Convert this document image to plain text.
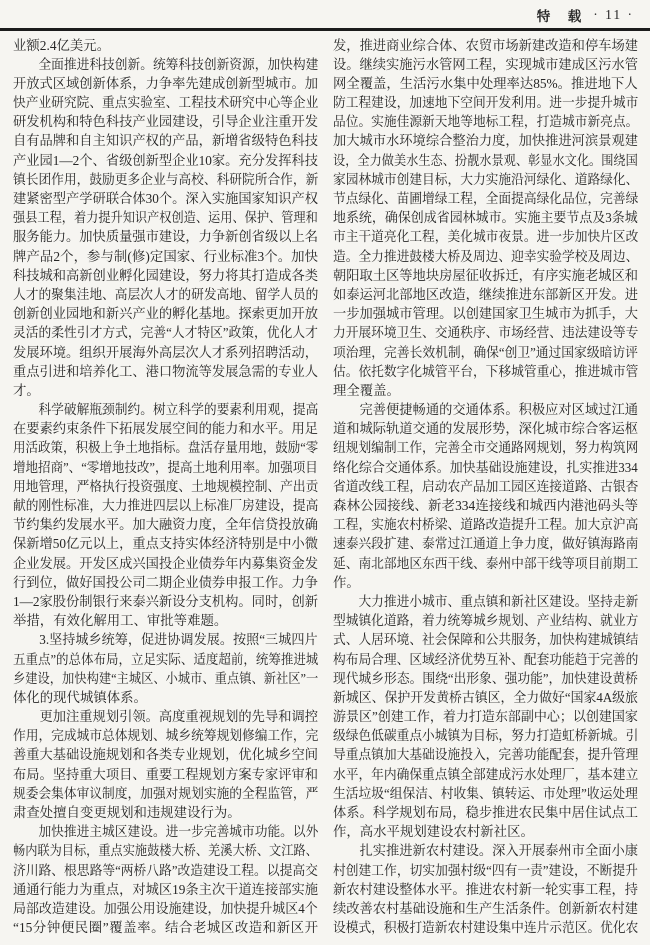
特　载 · 11 ·
业额2.4亿美元。
　　全面推进科技创新。统筹科技创新资源，加快构建
开放式区域创新体系，力争率先建成创新型城市。加
快产业研究院、重点实验室、工程技术研究中心等企业
研发机构和特色科技产业园建设，引导企业注重开发
自有品牌和自主知识产权的产品，新增省级特色科技
产业园1—2个、省级创新型企业10家。充分发挥科技
镇长团作用，鼓励更多企业与高校、科研院所合作，新
建紧密型产学研联合体30个。深入实施国家知识产权
强县工程，着力提升知识产权创造、运用、保护、管理和
服务能力。加快质量强市建设，力争新创省级以上名
牌产品2个，参与制(修)定国家、行业标准3个。加快
科技城和高新创业孵化园建设，努力将其打造成各类
人才的聚集洼地、高层次人才的研发高地、留学人员的
创新创业园地和新兴产业的孵化基地。探索更加开放
灵活的柔性引才方式，完善“人才特区”政策，优化人才
发展环境。组织开展海外高层次人才系列招聘活动，
重点引进和培养化工、港口物流等发展急需的专业人
才。
　　科学破解瓶颈制约。树立科学的要素利用观，提高
在要素约束条件下拓展发展空间的能力和水平。用足
用活政策，积极上争土地指标。盘活存量用地，鼓励“零
增地招商”、“零增地技改”，提高土地利用率。加强项目
用地管理，严格执行投资强度、土地规模控制、产出贡
献的刚性标准，大力推进四层以上标准厂房建设，提高
节约集约发展水平。加大融资力度，全年信贷投放确
保新增50亿元以上，重点支持实体经济特别是中小微
企业发展。开发区成兴国投企业债券年内募集资金发
行到位，做好国投公司二期企业债券申报工作。力争
1—2家股份制银行来泰兴新设分支机构。同时，创新
举措，有效化解用工、审批等难题。
　　3.坚持城乡统筹，促进协调发展。按照“三城四片
五重点”的总体布局，立足实际、适度超前，统筹推进城
乡建设，加快构建“主城区、小城市、重点镇、新社区”一
体化的现代城镇体系。
　　更加注重规划引领。高度重视规划的先导和调控
作用，完成城市总体规划、城乡统筹规划修编工作，完
善重大基础设施规划和各类专业规划，优化城乡空间
布局。坚持重大项目、重要工程规划方案专家评审和
规委会集体审议制度，加强对规划实施的全程监管，严
肃查处擅自变更规划和违规建设行为。
　　加快推进主城区建设。进一步完善城市功能。以外
畅内联为目标，重点实施鼓楼大桥、羌溪大桥、文江路、
济川路、根思路等“两桥八路”改造建设工程。以提高交
通通行能力为重点，对城区19条主次干道连接部实施
局部改造建设。加强公用设施建设，加快提升城区4个
“15分钟便民圈”覆盖率。结合老城区改造和新区开
发，推进商业综合体、农贸市场新建改造和停车场建
设。继续实施污水管网工程，实现城市建成区污水管
网全覆盖，生活污水集中处理率达85%。推进地下人
防工程建设，加速地下空间开发利用。进一步提升城市
品位。实施佳源新天地等地标工程，打造城市新亮点。
加大城市水环境综合整治力度，加快推进河滨景观建
设，全力做美水生态、扮靓水景观、彰显水文化。围绕国
家园林城市创建目标，大力实施沿河绿化、道路绿化、
节点绿化、苗圃增绿工程，全面提高绿化品位，完善绿
地系统，确保创成省园林城市。实施主要节点及3条城
市主干道亮化工程，美化城市夜景。进一步加快片区改
造。全力推进鼓楼大桥及周边、迎幸实验学校及周边、
朝阳取土区等地块房屋征收拆迁，有序实施老城区和
如泰运河北部地区改造，继续推进东部新区开发。进
一步加强城市管理。以创建国家卫生城市为抓手，大
力开展环境卫生、交通秩序、市场经营、违法建设等专
项治理，完善长效机制，确保“创卫”通过国家级暗访评
估。依托数字化城管平台，下移城管重心，推进城市管
理全覆盖。
　　完善便捷畅通的交通体系。积极应对区域过江通
道和城际轨道交通的发展形势，深化城市综合客运枢
纽规划编制工作，完善全市交通路网规划，努力构筑网
络化综合交通体系。加快基础设施建设，扎实推进334
省道改线工程，启动农产品加工园区连接道路、古银杏
森林公园接线、新老334连接线和城西内港池码头等
工程，实施农村桥梁、道路改造提升工程。加大京沪高
速泰兴段扩建、泰常过江通道上争力度，做好镇海路南
延、南北部地区东西干线、泰州中部干线等项目前期工
作。
　　大力推进小城市、重点镇和新社区建设。坚持走新
型城镇化道路，着力统筹城乡规划、产业结构、就业方
式、人居环境、社会保障和公共服务，加快构建城镇结
构布局合理、区域经济优势互补、配套功能趋于完善的
现代城乡形态。围绕“出形象、强功能”，加快建设黄桥
新城区、保护开发黄桥古镇区，全力做好“国家4A级旅
游景区”创建工作，着力打造东部副中心；以创建国家
级绿色低碳重点小城镇为目标，努力打造虹桥新城。引
导重点镇加大基础设施投入，完善功能配套，提升管理
水平，年内确保重点镇全部建成污水处理厂，基本建立
生活垃圾“组保洁、村收集、镇转运、市处理”收运处理
体系。科学规划布局，稳步推进农民集中居住试点工
作，高水平规划建设农村新社区。
　　扎实推进新农村建设。深入开展泰州市全面小康
村创建工作，切实加强村级“四有一责”建设，不断提升
新农村建设整体水平。推进农村新一轮实事工程，持
续改善农村基础设施和生产生活条件。创新新农村建
设模式，积极打造新农村建设集中连片示范区。优化农
